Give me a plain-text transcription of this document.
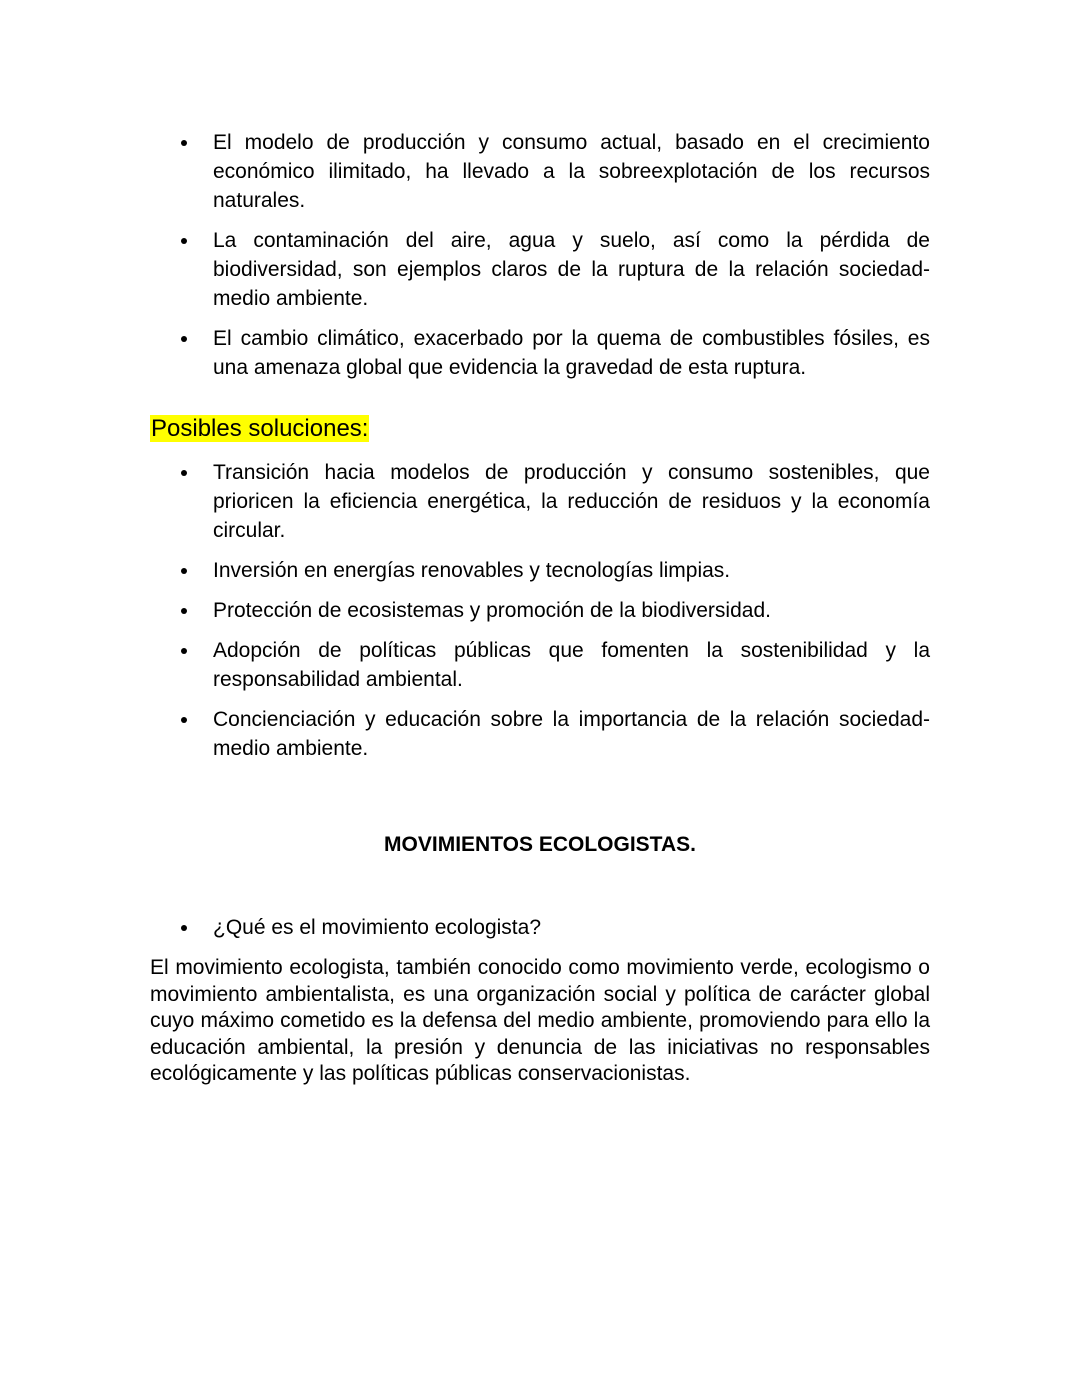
El modelo de producción y consumo actual, basado en el crecimiento económico ilimitado, ha llevado a la sobreexplotación de los recursos naturales.
La contaminación del aire, agua y suelo, así como la pérdida de biodiversidad, son ejemplos claros de la ruptura de la relación sociedad-medio ambiente.
El cambio climático, exacerbado por la quema de combustibles fósiles, es una amenaza global que evidencia la gravedad de esta ruptura.
Posibles soluciones:
Transición hacia modelos de producción y consumo sostenibles, que prioricen la eficiencia energética, la reducción de residuos y la economía circular.
Inversión en energías renovables y tecnologías limpias.
Protección de ecosistemas y promoción de la biodiversidad.
Adopción de políticas públicas que fomenten la sostenibilidad y la responsabilidad ambiental.
Concienciación y educación sobre la importancia de la relación sociedad-medio ambiente.
MOVIMIENTOS ECOLOGISTAS.
¿Qué es el movimiento ecologista?

El movimiento ecologista, también conocido como movimiento verde, ecologismo o movimiento ambientalista, es una organización social y política de carácter global cuyo máximo cometido es la defensa del medio ambiente, promoviendo para ello la educación ambiental, la presión y denuncia de las iniciativas no responsables ecológicamente y las políticas públicas conservacionistas.
